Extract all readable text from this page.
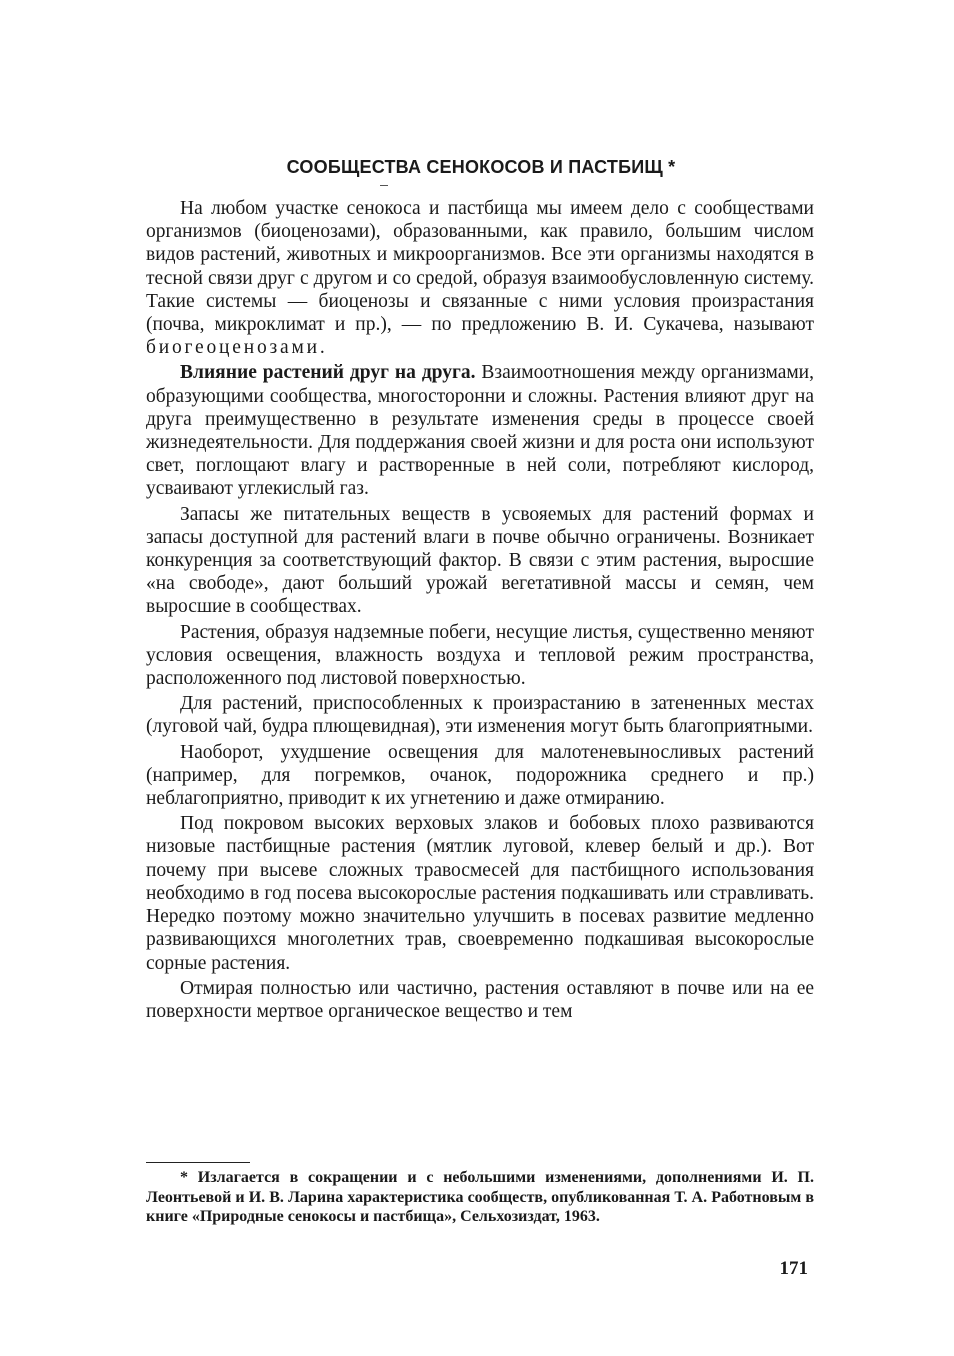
СООБЩЕСТВА СЕНОКОСОВ И ПАСТБИЩ *

На любом участке сенокоса и пастбища мы имеем дело с сообществами организмов (биоценозами), образованными, как правило, большим числом видов растений, животных и микроорганизмов. Все эти организмы находятся в тесной связи друг с другом и со средой, образуя взаимообусловленную систему. Такие системы — биоценозы и связанные с ними условия произрастания (почва, микроклимат и пр.), — по предложению В. И. Сукачева, называют биогеоценозами.

Влияние растений друг на друга. Взаимоотношения между организмами, образующими сообщества, многосторонни и сложны. Растения влияют друг на друга преимущественно в результате изменения среды в процессе своей жизнедеятельности. Для поддержания своей жизни и для роста они используют свет, поглощают влагу и растворенные в ней соли, потребляют кислород, усваивают углекислый газ.

Запасы же питательных веществ в усвояемых для растений формах и запасы доступной для растений влаги в почве обычно ограничены. Возникает конкуренция за соответствующий фактор. В связи с этим растения, выросшие «на свободе», дают больший урожай вегетативной массы и семян, чем выросшие в сообществах.

Растения, образуя надземные побеги, несущие листья, существенно меняют условия освещения, влажность воздуха и тепловой режим пространства, расположенного под листовой поверхностью.

Для растений, приспособленных к произрастанию в затененных местах (луговой чай, будра плющевидная), эти изменения могут быть благоприятными.

Наоборот, ухудшение освещения для малотеневыносливых растений (например, для погремков, очанок, подорожника среднего и пр.) неблагоприятно, приводит к их угнетению и даже отмиранию.

Под покровом высоких верховых злаков и бобовых плохо развиваются низовые пастбищные растения (мятлик луговой, клевер белый и др.). Вот почему при высеве сложных травосмесей для пастбищного использования необходимо в год посева высокорослые растения подкашивать или стравливать. Нередко поэтому можно значительно улучшить в посевах развитие медленно развивающихся многолетних трав, своевременно подкашивая высокорослые сорные растения.

Отмирая полностью или частично, растения оставляют в почве или на ее поверхности мертвое органическое вещество и тем

* Излагается в сокращении и с небольшими изменениями, дополнениями И. П. Леонтьевой и И. В. Ларина характеристика сообществ, опубликованная Т. А. Работновым в книге «Природные сенокосы и пастбища», Сельхозиздат, 1963.

171
